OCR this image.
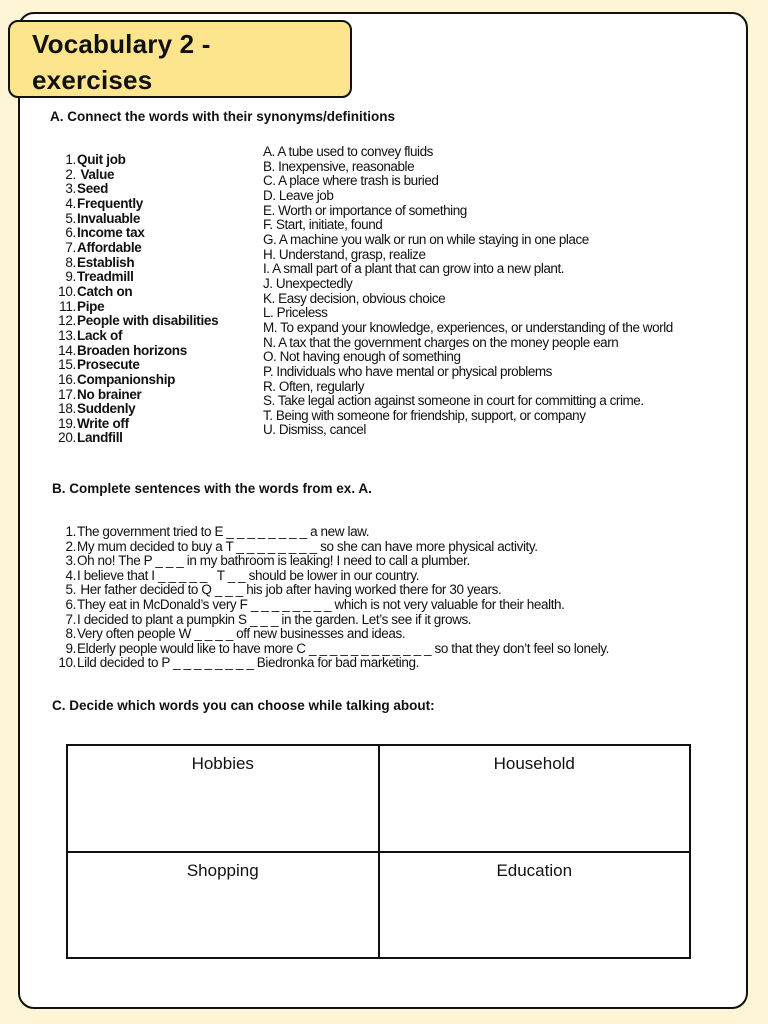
Vocabulary 2 -
exercises

A. Connect the words with their synonyms/definitions

1. Quit job
2. Value
3. Seed
4. Frequently
5. Invaluable
6. Income tax
7. Affordable
8. Establish
9. Treadmill
10. Catch on
11. Pipe
12. People with disabilities
13. Lack of
14. Broaden horizons
15. Prosecute
16. Companionship
17. No brainer
18. Suddenly
19. Write off
20. Landfill
A. A tube used to convey fluids
B. Inexpensive, reasonable
C. A place where trash is buried
D. Leave job
E. Worth or importance of something
F. Start, initiate, found
G. A machine you walk or run on while staying in one place
H. Understand, grasp, realize
I. A small part of a plant that can grow into a new plant.
J. Unexpectedly
K. Easy decision, obvious choice
L. Priceless
M. To expand your knowledge, experiences, or understanding of the world
N. A tax that the government charges on the money people earn
O. Not having enough of something
P. Individuals who have mental or physical problems
R. Often, regularly
S. Take legal action against someone in court for committing a crime.
T. Being with someone for friendship, support, or company
U. Dismiss, cancel

B. Complete sentences with the words from ex. A.

1. The government tried to E _ _ _ _ _ _ _ _ a new law.
2. My mum decided to buy a T _ _ _ _ _ _ _ _ so she can have more physical activity.
3. Oh no! The P _ _ _ in my bathroom is leaking! I need to call a plumber.
4. I believe that I _ _ _ _ _   T _ _ should be lower in our country.
5. Her father decided to Q _ _ _ his job after having worked there for 30 years.
6. They eat in McDonald’s very F _ _ _ _ _ _ _ _ which is not very valuable for their health.
7. I decided to plant a pumpkin S _ _ _ in the garden. Let’s see if it grows.
8. Very often people W _ _ _ _ off new businesses and ideas.
9. Elderly people would like to have more C _ _ _ _ _ _ _ _ _ _ _ _ so that they don’t feel so lonely.
10. Lild decided to P _ _ _ _ _ _ _ _ Biedronka for bad marketing.

C. Decide which words you can choose while talking about:

Hobbies	Household
Shopping	Education
